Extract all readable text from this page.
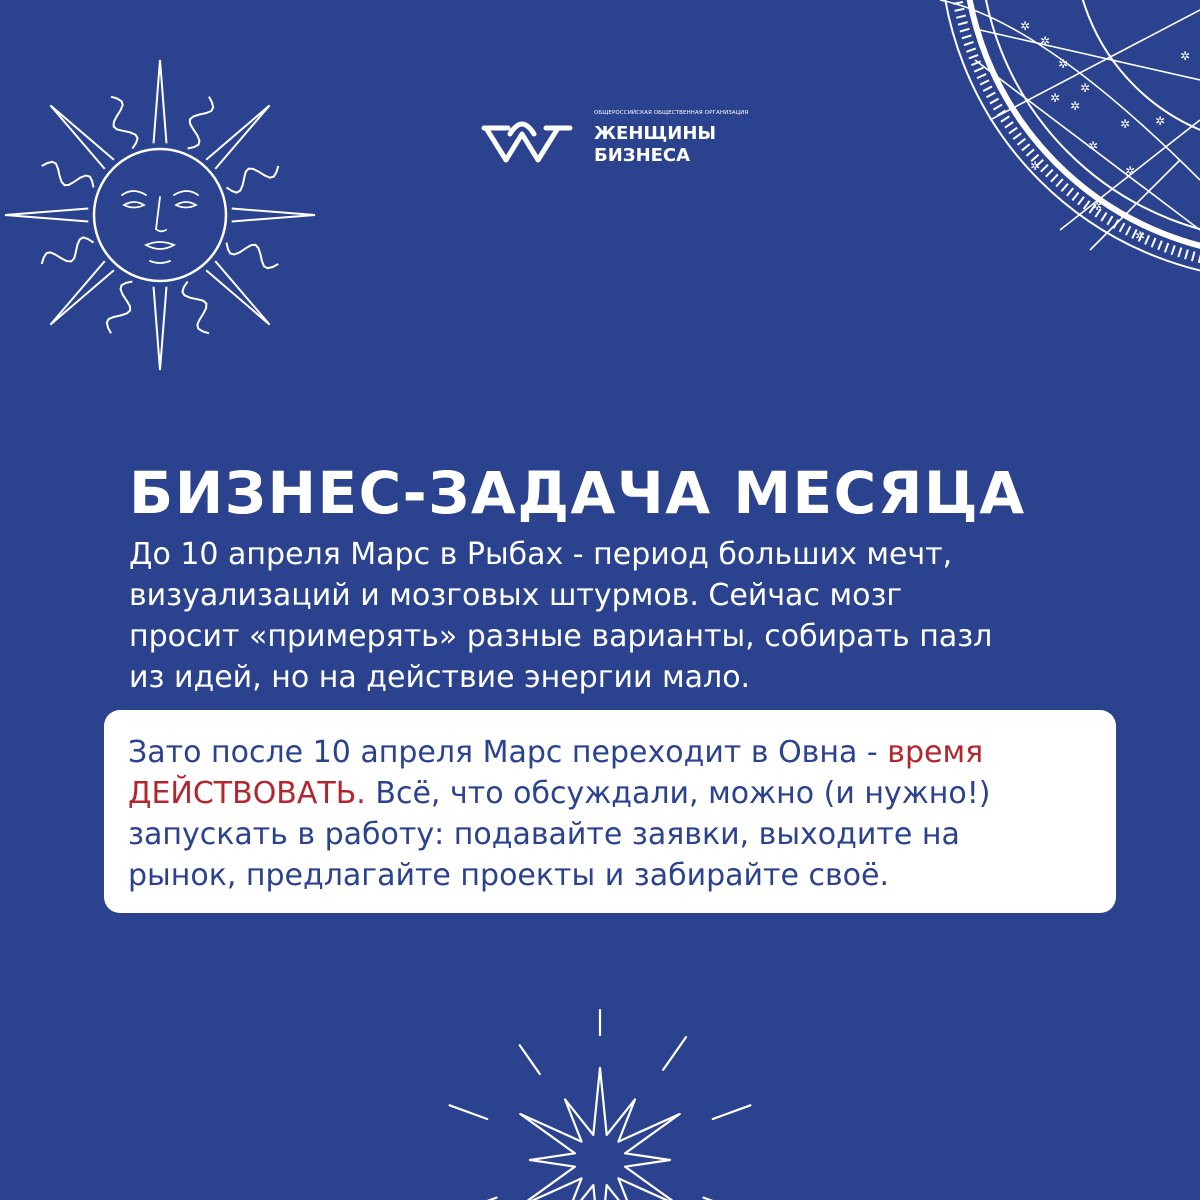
✲
✲
✲
✲
✲
✲ ✲
✲
✲
✲
✲	✲
✲
✲
ОБЩЕРОССИЙСКАЯ ОБЩЕСТВЕННАЯ ОРГАНИЗАЦИЯ
ЖЕНЩИНЫ
БИЗНЕСА
БИЗНЕС-ЗАДАЧА МЕСЯЦА
До 10 апреля Марс в Рыбах - период больших мечт,
визуализаций и мозговых штурмов. Сейчас мозг
просит «примерять» разные варианты, собирать пазл
из идей, но на действие энергии мало.
Зато после 10 апреля Марс переходит в Овна - время
ДЕЙСТВОВАТЬ. Всё, что обсуждали, можно (и нужно!)
запускать в работу: подавайте заявки, выходите на
рынок, предлагайте проекты и забирайте своё.
